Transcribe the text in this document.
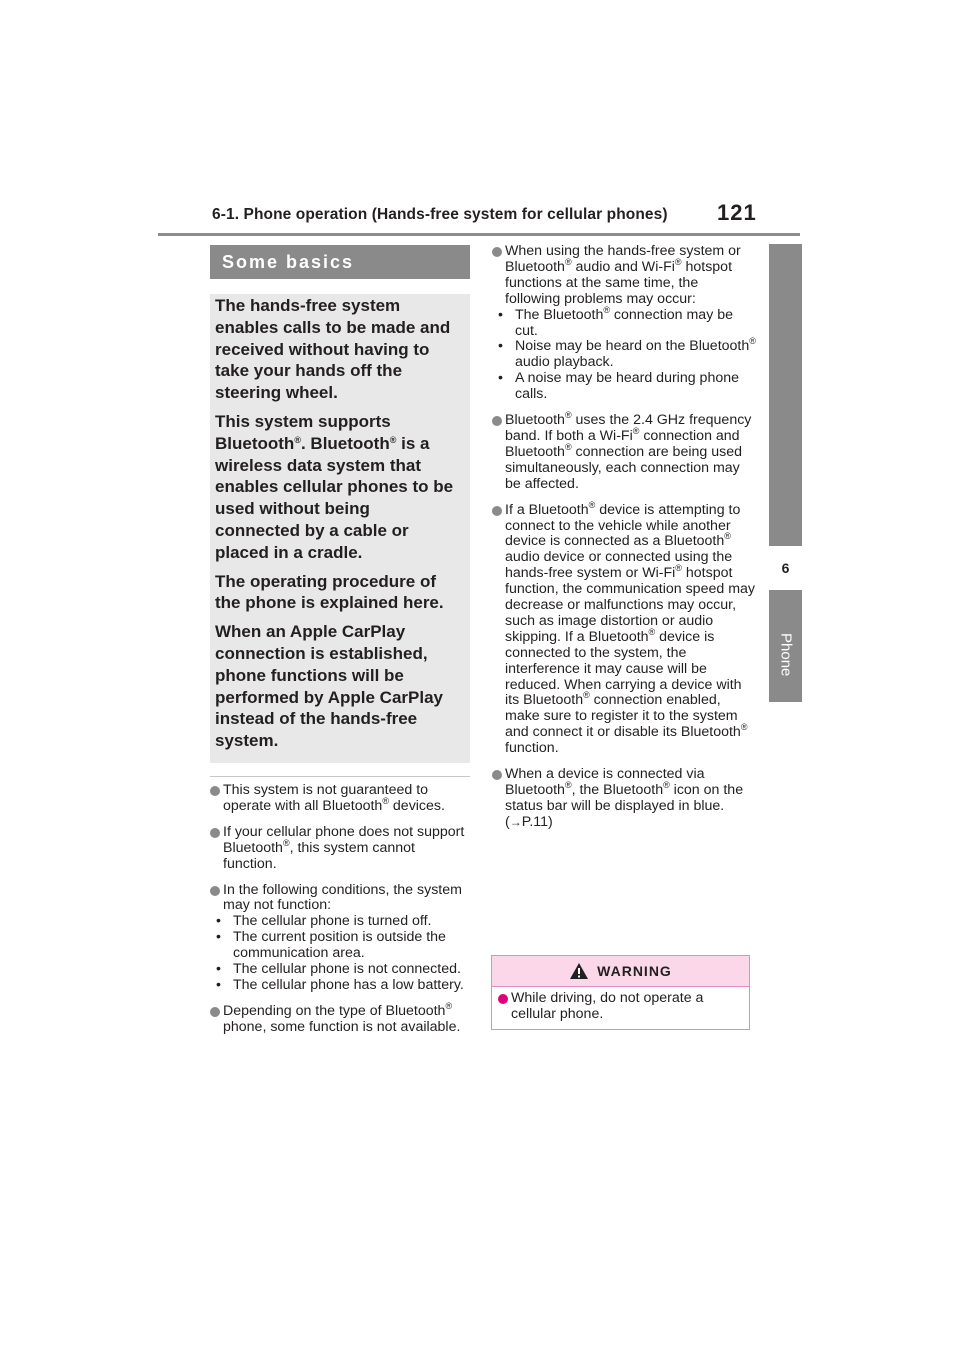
6-1. Phone operation (Hands-free system for cellular phones) 121
6
Phone
Some basics

The hands-free system enables calls to be made and received without having to take your hands off the steering wheel.

This system supports Bluetooth®. Bluetooth® is a wireless data system that enables cellular phones to be used without being connected by a cable or placed in a cradle.

The operating procedure of the phone is explained here.

When an Apple CarPlay connection is established, phone functions will be performed by Apple CarPlay instead of the hands-free system.

This system is not guaranteed to operate with all Bluetooth® devices.
If your cellular phone does not support Bluetooth®, this system cannot function.
In the following conditions, the system may not function:
• The cellular phone is turned off.
• The current position is outside the communication area.
• The cellular phone is not connected.
• The cellular phone has a low battery.
Depending on the type of Bluetooth® phone, some function is not available.
When using the hands-free system or Bluetooth® audio and Wi-Fi® hotspot functions at the same time, the following problems may occur:
• The Bluetooth® connection may be cut.
• Noise may be heard on the Bluetooth® audio playback.
• A noise may be heard during phone calls.
Bluetooth® uses the 2.4 GHz frequency band. If both a Wi-Fi® connection and Bluetooth® connection are being used simultaneously, each connection may be affected.
If a Bluetooth® device is attempting to connect to the vehicle while another device is connected as a Bluetooth® audio device or connected using the hands-free system or Wi-Fi® hotspot function, the communication speed may decrease or malfunctions may occur, such as image distortion or audio skipping. If a Bluetooth® device is connected to the system, the interference it may cause will be reduced. When carrying a device with its Bluetooth® connection enabled, make sure to register it to the system and connect it or disable its Bluetooth® function.
When a device is connected via Bluetooth®, the Bluetooth® icon on the status bar will be displayed in blue. (→P.11)
WARNING
While driving, do not operate a cellular phone.
